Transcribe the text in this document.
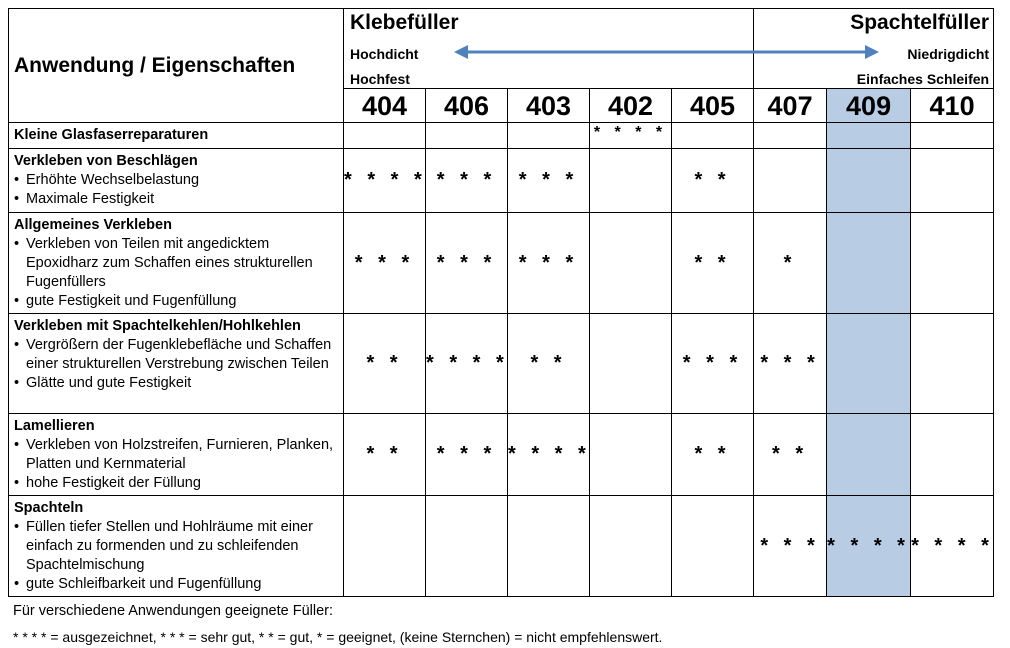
Anwendung / Eigenschaften	Klebefüller
Hochdicht
Hochfest					Spachtelfüller
Niedrigdicht
Einfaches Schleifen		

	404	406	403	402	405	407	409	410

Kleine Glasfaserreparaturen				* * * *				

Verkleben von Beschlägen
• Erhöhte Wechselbelastung
• Maximale Festigkeit	* * * *	* * *	* * *		* *			

Allgemeines Verkleben
• Verkleben von Teilen mit angedicktem Epoxidharz zum Schaffen eines strukturellen Fugenfüllers
• gute Festigkeit und Fugenfüllung	* * *	* * *	* * *		* *	*		

Verkleben mit Spachtelkehlen/Hohlkehlen
• Vergrößern der Fugenklebefläche und Schaffen einer strukturellen Verstrebung zwischen Teilen
• Glätte und gute Festigkeit	* *	* * * *	* *		* * *	* * *		

Lamellieren
• Verkleben von Holzstreifen, Furnieren, Planken, Platten und Kernmaterial
• hohe Festigkeit der Füllung	* *	* * *	* * * *		* *	* *		

Spachteln
• Füllen tiefer Stellen und Hohlräume mit einer einfach zu formenden und zu schleifenden Spachtelmischung
• gute Schleifbarkeit und Fugenfüllung						* * *	* * * *	* * * *
Für verschiedene Anwendungen geeignete Füller:
* * * * = ausgezeichnet, * * * = sehr gut, * * = gut, * = geeignet, (keine Sternchen) = nicht empfehlenswert.
